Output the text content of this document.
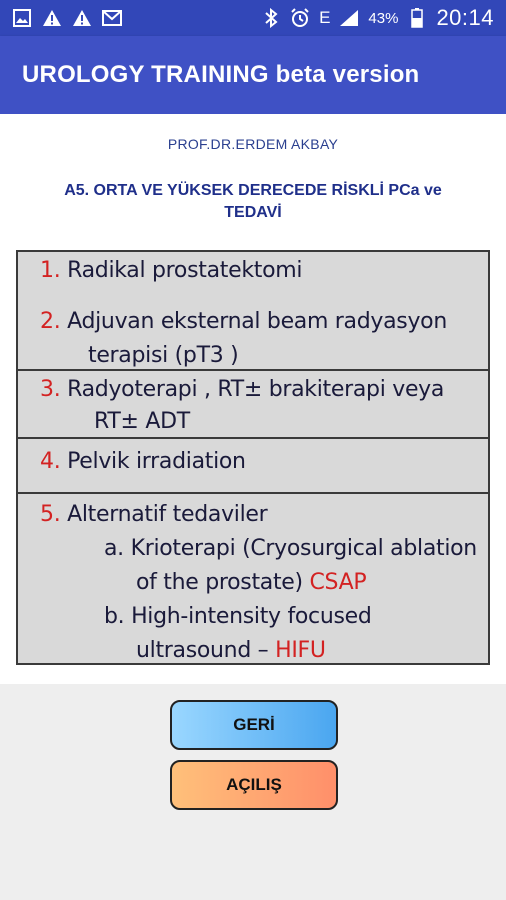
E	43% 20:14
UROLOGY TRAINING beta version
PROF.DR.ERDEM AKBAY
A5. ORTA VE YÜKSEK DERECEDE RİSKLİ PCa ve TEDAVİ
1. Radikal prostatektomi
2. Adjuvan eksternal beam radyasyon
terapisi (pT3 )
3. Radyoterapi , RT± brakiterapi veya
RT± ADT
4. Pelvik irradiation
5. Alternatif tedaviler
a. Krioterapi (Cryosurgical ablation
of the prostate) CSAP
b. High-intensity focused
ultrasound – HIFU
GERİ
AÇILIŞ
